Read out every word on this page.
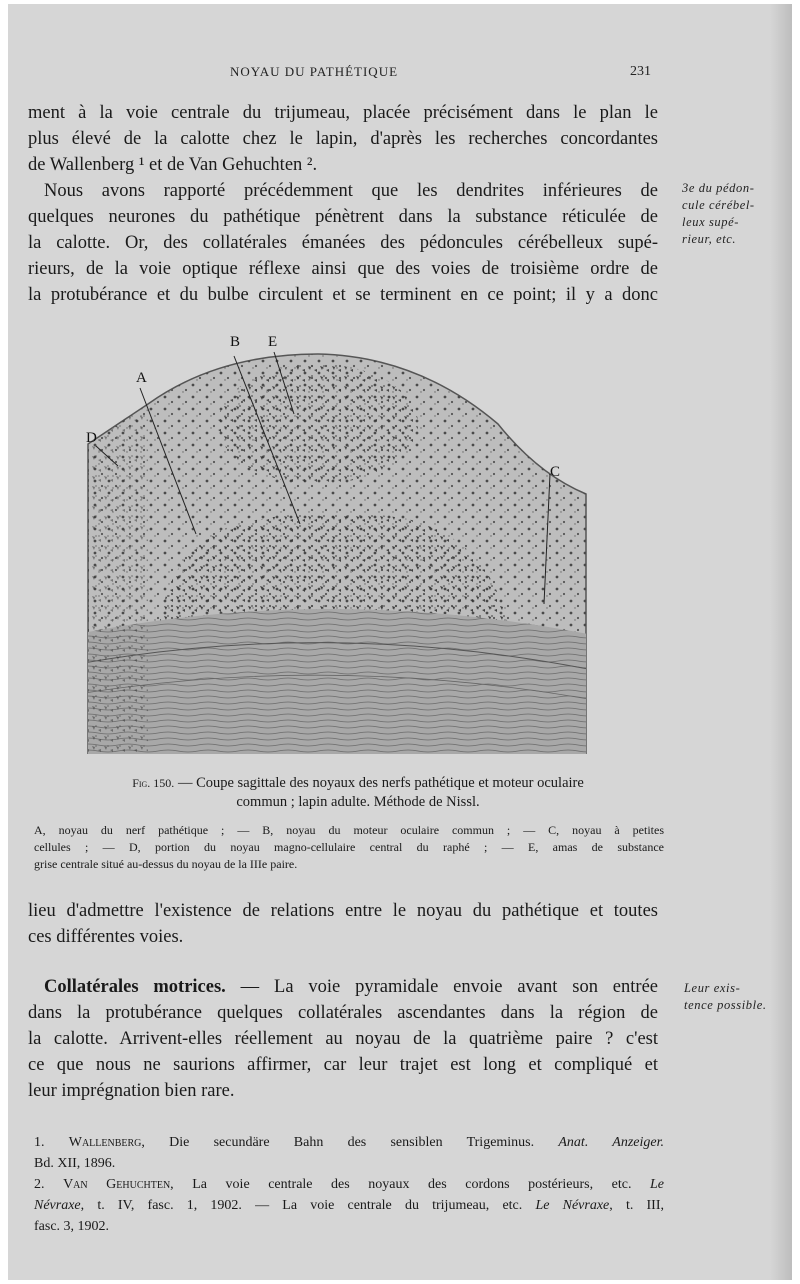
NOYAU DU PATHÉTIQUE	231
ment à la voie centrale du trijumeau, placée précisément dans le plan le
plus élevé de la calotte chez le lapin, d'après les recherches concordantes
de Wallenberg ¹ et de Van Gehuchten ².
Nous avons rapporté précédemment que les dendrites inférieures de
quelques neurones du pathétique pénètrent dans la substance réticulée de
la calotte. Or, des collatérales émanées des pédoncules cérébelleux supé-
rieurs, de la voie optique réflexe ainsi que des voies de troisième ordre de
la protubérance et du bulbe circulent et se terminent en ce point; il y a donc
3e du pédon-
cule cérébel-
leux supé-
rieur, etc.
A
B
C
D
E
Fig. 150. — Coupe sagittale des noyaux des nerfs pathétique et moteur oculaire
commun ; lapin adulte. Méthode de Nissl.
A, noyau du nerf pathétique ; — B, noyau du moteur oculaire commun ; — C, noyau à petites
cellules ; — D, portion du noyau magno-cellulaire central du raphé ; — E, amas de substance
grise centrale situé au-dessus du noyau de la IIIe paire.
lieu d'admettre l'existence de relations entre le noyau du pathétique et toutes
ces différentes voies.
Collatérales motrices. — La voie pyramidale envoie avant son entrée
dans la protubérance quelques collatérales ascendantes dans la région de
la calotte. Arrivent-elles réellement au noyau de la quatrième paire ? c'est
ce que nous ne saurions affirmer, car leur trajet est long et compliqué et
leur imprégnation bien rare.
Leur exis-
tence possible.
1. Wallenberg, Die secundäre Bahn des sensiblen Trigeminus. Anat. Anzeiger.
Bd. XII, 1896.
2. Van Gehuchten, La voie centrale des noyaux des cordons postérieurs, etc. Le
Névraxe, t. IV, fasc. 1, 1902. — La voie centrale du trijumeau, etc. Le Névraxe, t. III,
fasc. 3, 1902.
